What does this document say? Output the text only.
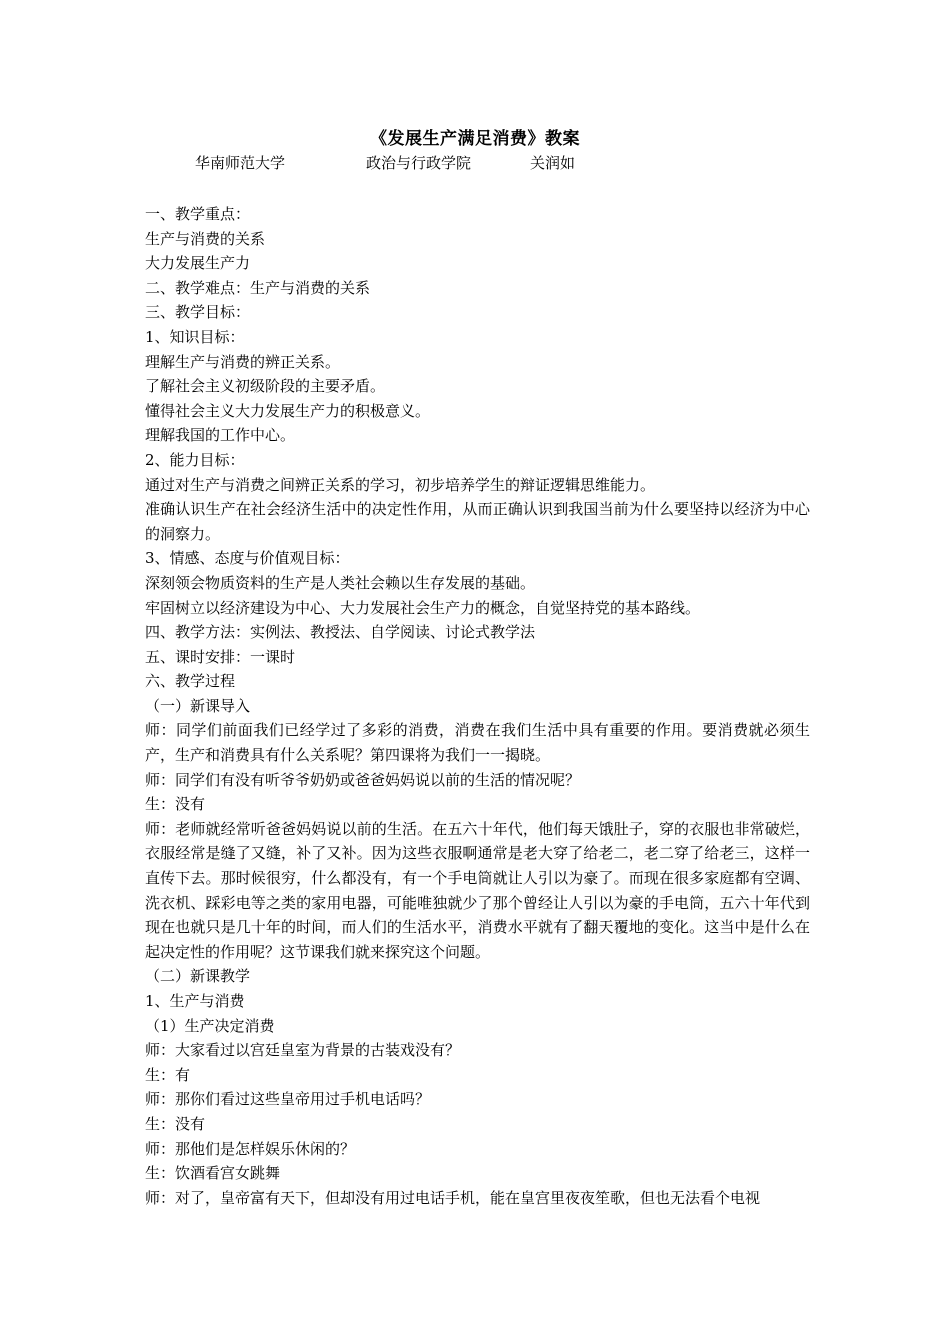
《发展生产满足消费》教案
华南师范大学	政治与行政学院	关润如

一、教学重点：

生产与消费的关系

大力发展生产力

二、教学难点：生产与消费的关系

三、教学目标：

1、知识目标：

理解生产与消费的辨正关系。

了解社会主义初级阶段的主要矛盾。

懂得社会主义大力发展生产力的积极意义。

理解我国的工作中心。

2、能力目标：

通过对生产与消费之间辨正关系的学习，初步培养学生的辩证逻辑思维能力。

准确认识生产在社会经济生活中的决定性作用，从而正确认识到我国当前为什么要坚持以经济为中心的洞察力。

3、情感、态度与价值观目标：

深刻领会物质资料的生产是人类社会赖以生存发展的基础。

牢固树立以经济建设为中心、大力发展社会生产力的概念，自觉坚持党的基本路线。

四、教学方法：实例法、教授法、自学阅读、讨论式教学法

五、课时安排：一课时

六、教学过程

（一）新课导入

师：同学们前面我们已经学过了多彩的消费，消费在我们生活中具有重要的作用。要消费就必须生产，生产和消费具有什么关系呢？第四课将为我们一一揭晓。

师：同学们有没有听爷爷奶奶或爸爸妈妈说以前的生活的情况呢？

生：没有

师：老师就经常听爸爸妈妈说以前的生活。在五六十年代，他们每天饿肚子，穿的衣服也非常破烂，衣服经常是缝了又缝，补了又补。因为这些衣服啊通常是老大穿了给老二，老二穿了给老三，这样一直传下去。那时候很穷，什么都没有，有一个手电筒就让人引以为豪了。而现在很多家庭都有空调、洗衣机、踩彩电等之类的家用电器，可能唯独就少了那个曾经让人引以为豪的手电筒，五六十年代到现在也就只是几十年的时间，而人们的生活水平，消费水平就有了翻天覆地的变化。这当中是什么在起决定性的作用呢？这节课我们就来探究这个问题。

（二）新课教学

1、生产与消费

（1）生产决定消费

师：大家看过以宫廷皇室为背景的古装戏没有？

生：有

师：那你们看过这些皇帝用过手机电话吗？

生：没有

师：那他们是怎样娱乐休闲的？

生：饮酒看宫女跳舞

师：对了，皇帝富有天下，但却没有用过电话手机，能在皇宫里夜夜笙歌，但也无法看个电视
